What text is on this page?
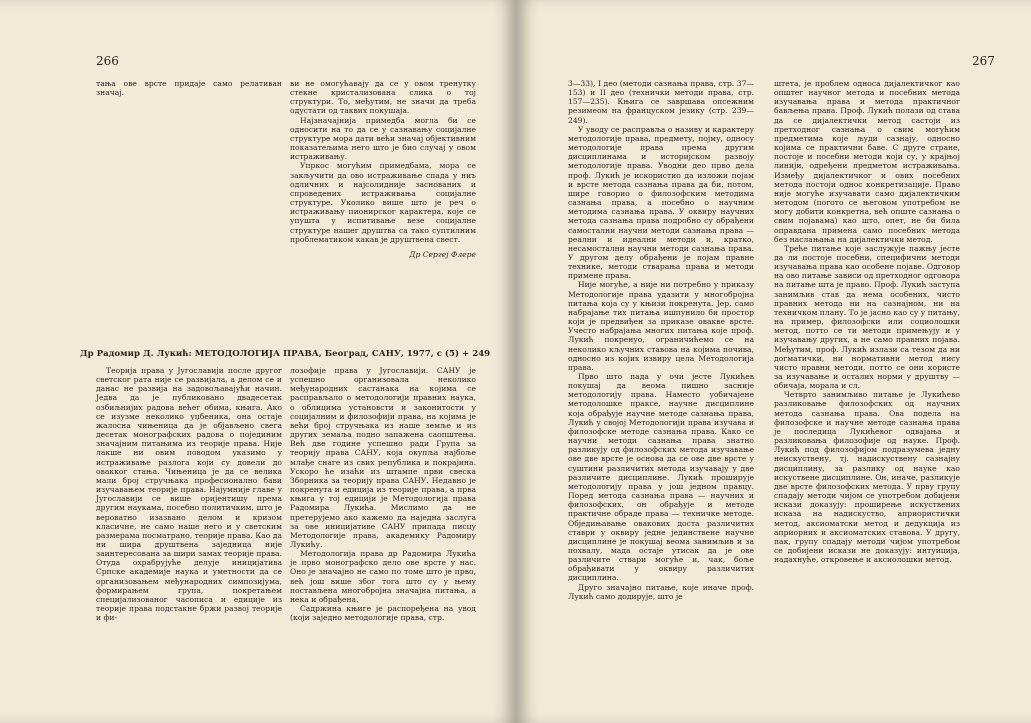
266

тања ове врсте придаје само релативан значај.

ви не омогућавају да се у овом тренутку стекне кристализована слика о тој структури. То, међутим, не значи да треба одустати од таквих покушаја.

Најзначајнија примедба могла би се односити на то да се у сазнавању социјалне структуре мора дати већи значај објективним показатељима него што је био случај у овом истраживању.

Упркос могућим примедбама, мора се закључити да ово истраживање спада у ниъ одличних и најсолидније заснованих и спроведених истраживања социјалне структуре. Уколико више што је реч о истраживању пионирског карактера, које се упушта у испитивање везе социјалне структуре нашег друштва са тако суптилним проблематиком какав је друштвена свест.

Др Сергеј Флере
Др Радомир Д. Лукић: МЕТОДОЛОГИЈА ПРАВА, Београд, САНУ, 1977, с (5) + 249

Теорија права у Југославији после другог светског рата није се развијала, а делом се и данас не развија на задовољавајући начин. Једва да је публиковано двадесетак озбиљнијих радова већег обима, књига. Ако се изузме неколико уџбеника, она остаје жалосна чињеница да је објављено свега десетак монографских радова о појединим значајним питањима из теорије права. Није лакше ни овим поводом указимо у истраживање разлога који су довели до овакког стања. Чињеница је да се велика мали број стручњака професионално бави изучавањем теорије права. Најумније главе у Југославији се више оријентишу према другим наукама, посебно политичким, што је вероватно изазвано делом и кризом класичне, не само наше него и у светским размерама посматрано, теорије права. Као да ни шира друштвена заједница није заинтересована за шири замах теорије права. Отуда охрабрујуће делује иницијатива Српске академије наука и уметности да се организовањем међународних симпозијума, формирањем група, покретањем специјализованог часописа и едиције из теорије права подстакне бржи развој теорије и фи-

лозофије права у Југославији. САНУ је успешно организовала неколико међународних састанака на којима се расправљало о методологији правних наука, о облицима установсти и законитости у социјалним и филозофији права, на којима је већи број стручњака из наше земље и из других земаља подно запажена саопштења. Већ две године успешно ради Група за теорију права САНУ, која окупља најбоље млађе снаге из свих република и покрајина. Ускоро ће изаћи из штампе први свеска Зборника за теорију права САНУ. Недавно је покренута и едиција из теорије права, а прва књига у тој едицији је Методологија права Радомира Лукића. Мислимо да не претерујемо ако кажемо да наједна заслуга за ове иницијативе САНУ припада писцу Методологије права, академику Радомиру Лукићу.

Методологија права др Радомира Лукића је прво монографско дело ове врсте у нас. Оно је значајно не само по томе што је прво, већ још више због тога што су у њему постављена многобројна значајна питања, а нека и обрађена.

Садржина књиге је распоређена на увод (који заједно методологије права, стр.

267

3—33), I део (методи сазнања права, стр. 37—153) и II део (технички методи права, стр. 157—235). Књига се завршава опсежним резимеом на француском језику (стр. 239—249).

У уводу се расправља о називу и карактеру методологије права, предмету, појму, односу методологије права према другим дисциплинама и историјском развоју методологије права. Уводни део прво дела проф. Лукић је искористио да изложи појам и врсте метода сазнања права да би, потом, шире говорио о филозофским методима сазнања права, а посебно о научним методима сазнања права. У оквиру научних метода сазнања права подробно су обрађени самостални научни методи сазнања права — реални и идеални методи и, кратко, несамостални научни методи сазнања права. У другом делу обрађени је појам правне технике, методи стварања права и методи примене права.

Није могуће, а није ни потребно у приказу Методологије права удазити у многобројна питања која су у књизи покренута. Јер, само набрајање тих питања ишпунило би простор који је предвиђен за приказе овакве врсте. Учесто набрајања многих питања које проф. Лукић покренуо, ограничићемо се на неколико кључних ставова на којима почива, односно из којих извиру цела Методологија права.

Прво што пада у очи јесте Лукићев покушај да веома пишно засније методологију права. Наместо уобичајене методолошке праксе, научне дисциплине која обрађује научне методе сазнања права, Лукић у својој Методологији права изучава и филозофске методе сазнања права. Како се научни методи сазнања права знатно разликују од филозофских метода изучавање ове две врсте је основа да се ове две врсте у суштини различитих метода изучавају у две различите дисциплине. Лукић проширује методологију права у још једном правцу. Поред метода сазнања права — научних и филозофских, он обрађује и методе практичне обраде права — техничке методе. Обједињавање овакових доста различитих ставри у оквиру једне јединствене научне дисциплине је покушај веома занимљив и за похвалу, мада остаје утисак да је ове различите ствари могуће и, чак, боље обрађивати у оквиру различитих дисциплина.

Друго значајно питање, које иначе проф. Лукић само додирује, што је

штета, је проблем односа дијалектичког као општег научног метода и посебних метода изучавања права и метода практичног бављења права. Проф. Лукић полази од става да се дијалектички метод састоји из претходног сазнања о свим могућим предметима које људи сазнају, односно којима се практични баве. С друге стране, постоје и посебни методи који су, у крајњој линији, одређени предметом истраживања. Између дијалектичког и ових посебних метода постоји однос конкретизације. Право није могуће изучавати само дијалектичким методом (погото се његовом употребом не могу добити конкретна, већ опште сазнања о свим појавама) као што, опет, не би била оправдана примена само посебних метода без наслањања на дијалектички метод.

Треће питање које заслужује пажњу јесте да ли постоје посебни, специфични методи изучавања права као особене појаве. Одговор на ово питање зависи од претходног одговора на питање шта је право. Проф. Лукић заступа занимљив став да нема особених, чисто правних метода ни на сазнајном, ни на техничком плану. То је јасно као су у питању, на пример, филозофски или социолошки метод, потто се ти методи примењују и у изучавању других, а не само правних појава. Међутим, проф. Лукић излази са тезом да ни догматички, ни нормативни метод нису чисто правни методи, потто се они користе за изучавање и осталих норми у друштву — обичаја, морала и сл.

Четврто занимљиво питање је Лукићево разликовање филозофских од научних метода сазнања права. Ова подела на филозофске и научне методе сазнања права је последица Лукићевог одвајања и разликовања филозофије од науке. Проф. Лукић под филозофијом подразумева једну неискуствену, тј. надискуствену сазнајну дисциплину, за разлику од науке као искуствене дисциплине. Он, иначе, разликује две врсте филозофских метода. У прву групу спадају методи чијом се употребом добијени искази доказују: проширење искуствених исказа на надискуство, априористички метод, аксиоматски метод и дедукција из априорних и аксиоматских ставова. У другу, пак, групу спадају методи чијом употребом се добијени искази не доказују: интуиција, надахнуће, откровење и аксиолошки метод.
